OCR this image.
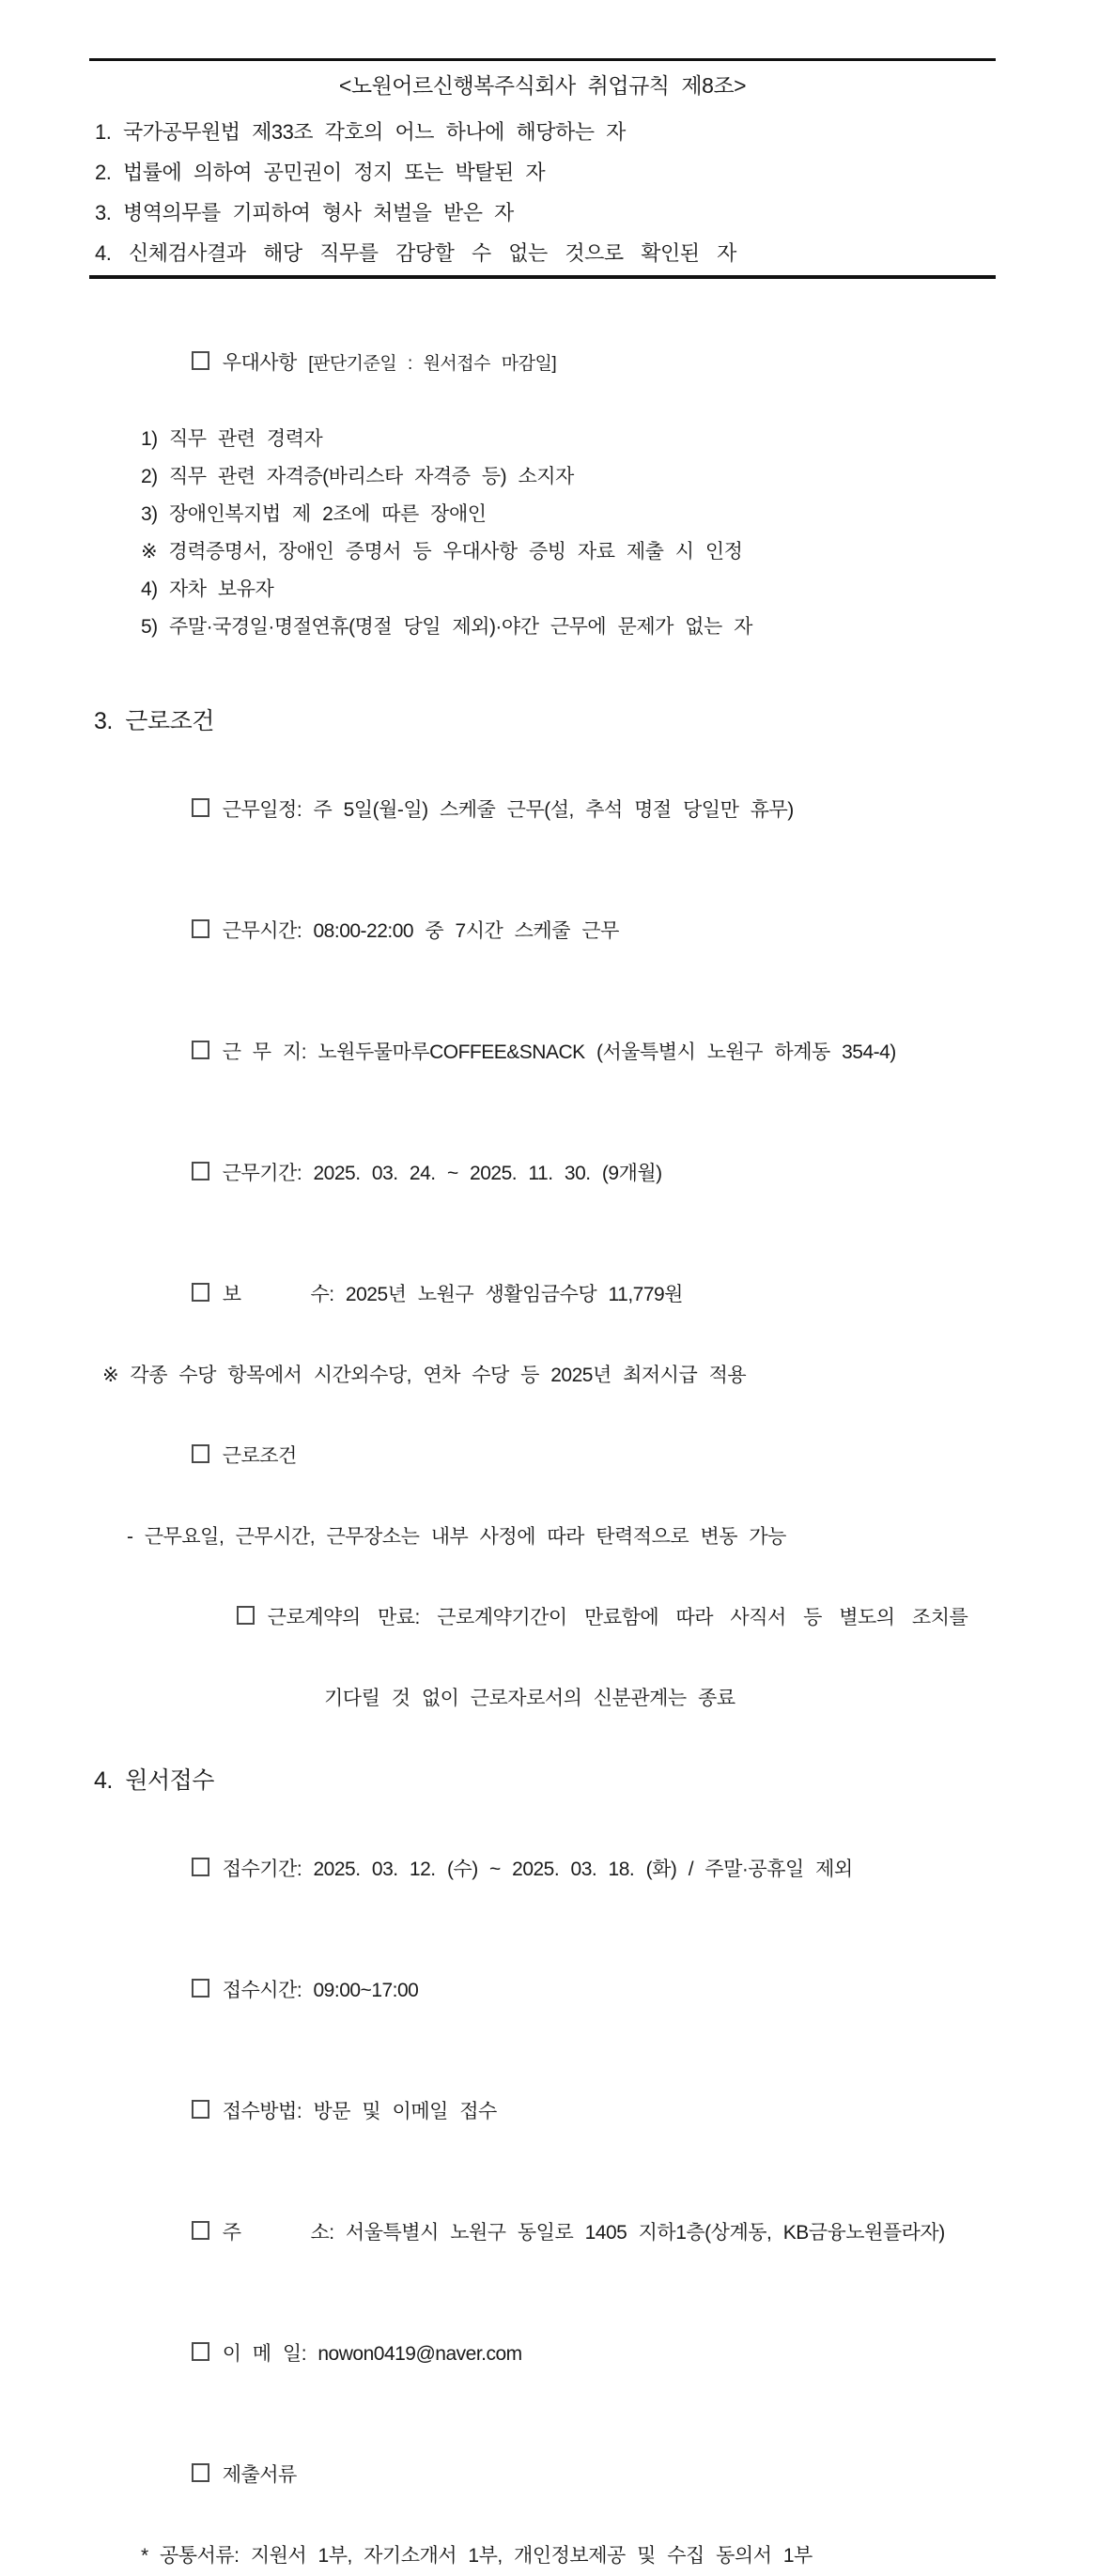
<노원어르신행복주식회사 취업규칙 제8조>
1. 국가공무원법 제33조 각호의 어느 하나에 해당하는 자
2. 법률에 의하여 공민권이 정지 또는 박탈된 자
3. 병역의무를 기피하여 형사 처벌을 받은 자
4. 신체검사결과 해당 직무를 감당할 수 없는 것으로 확인된 자

우대사항 [판단기준일 : 원서접수 마감일]

1) 직무 관련 경력자
2) 직무 관련 자격증(바리스타 자격증 등) 소지자
3) 장애인복지법 제 2조에 따른 장애인
※ 경력증명서, 장애인 증명서 등 우대사항 증빙 자료 제출 시 인정
4) 자차 보유자
5) 주말·국경일·명절연휴(명절 당일 제외)·야간 근무에 문제가 없는 자
3. 근로조건

근무일정: 주 5일(월-일) 스케줄 근무(설, 추석 명절 당일만 휴무)

근무시간: 08:00-22:00 중 7시간 스케줄 근무

근 무 지: 노원두물마루COFFEE&SNACK (서울특별시 노원구 하계동 354-4)

근무기간: 2025. 03. 24. ~ 2025. 11. 30. (9개월)

보      수: 2025년 노원구 생활임금수당 11,779원

※ 각종 수당 항목에서 시간외수당, 연차 수당 등 2025년 최저시급 적용

근로조건

- 근무요일, 근무시간, 근무장소는 내부 사정에 따라 탄력적으로 변동 가능

근로계약의 만료: 근로계약기간이 만료함에 따라 사직서 등 별도의 조치를

기다릴 것 없이 근로자로서의 신분관계는 종료
4. 원서접수

접수기간: 2025. 03. 12. (수) ~ 2025. 03. 18. (화) / 주말·공휴일 제외

접수시간: 09:00~17:00

접수방법: 방문 및 이메일 접수

주      소: 서울특별시 노원구 동일로 1405 지하1층(상계동, KB금융노원플라자)

이 메 일: nowon0419@naver.com

제출서류

* 공통서류: 지원서 1부, 자기소개서 1부, 개인정보제공 및 수집 동의서 1부
